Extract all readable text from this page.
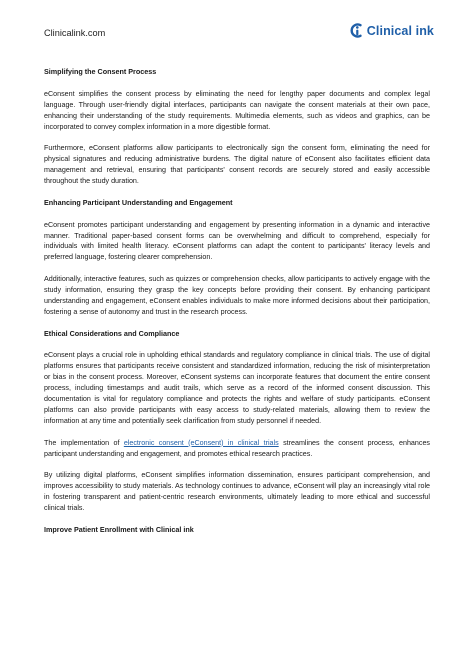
Clinicalink.com	Clinical ink
Simplifying the Consent Process

eConsent simplifies the consent process by eliminating the need for lengthy paper documents and complex legal language. Through user-friendly digital interfaces, participants can navigate the consent materials at their own pace, enhancing their understanding of the study requirements. Multimedia elements, such as videos and graphics, can be incorporated to convey complex information in a more digestible format.

Furthermore, eConsent platforms allow participants to electronically sign the consent form, eliminating the need for physical signatures and reducing administrative burdens. The digital nature of eConsent also facilitates efficient data management and retrieval, ensuring that participants' consent records are securely stored and easily accessible throughout the study duration.

Enhancing Participant Understanding and Engagement

eConsent promotes participant understanding and engagement by presenting information in a dynamic and interactive manner. Traditional paper-based consent forms can be overwhelming and difficult to comprehend, especially for individuals with limited health literacy. eConsent platforms can adapt the content to participants' literacy levels and preferred language, fostering clearer comprehension.

Additionally, interactive features, such as quizzes or comprehension checks, allow participants to actively engage with the study information, ensuring they grasp the key concepts before providing their consent. By enhancing participant understanding and engagement, eConsent enables individuals to make more informed decisions about their participation, fostering a sense of autonomy and trust in the research process.

Ethical Considerations and Compliance

eConsent plays a crucial role in upholding ethical standards and regulatory compliance in clinical trials. The use of digital platforms ensures that participants receive consistent and standardized information, reducing the risk of misinterpretation or bias in the consent process. Moreover, eConsent systems can incorporate features that document the entire consent process, including timestamps and audit trails, which serve as a record of the informed consent discussion. This documentation is vital for regulatory compliance and protects the rights and welfare of study participants. eConsent platforms can also provide participants with easy access to study-related materials, allowing them to review the information at any time and potentially seek clarification from study personnel if needed.

The implementation of electronic consent (eConsent) in clinical trials streamlines the consent process, enhances participant understanding and engagement, and promotes ethical research practices.

By utilizing digital platforms, eConsent simplifies information dissemination, ensures participant comprehension, and improves accessibility to study materials. As technology continues to advance, eConsent will play an increasingly vital role in fostering transparent and patient-centric research environments, ultimately leading to more ethical and successful clinical trials.

Improve Patient Enrollment with Clinical ink
